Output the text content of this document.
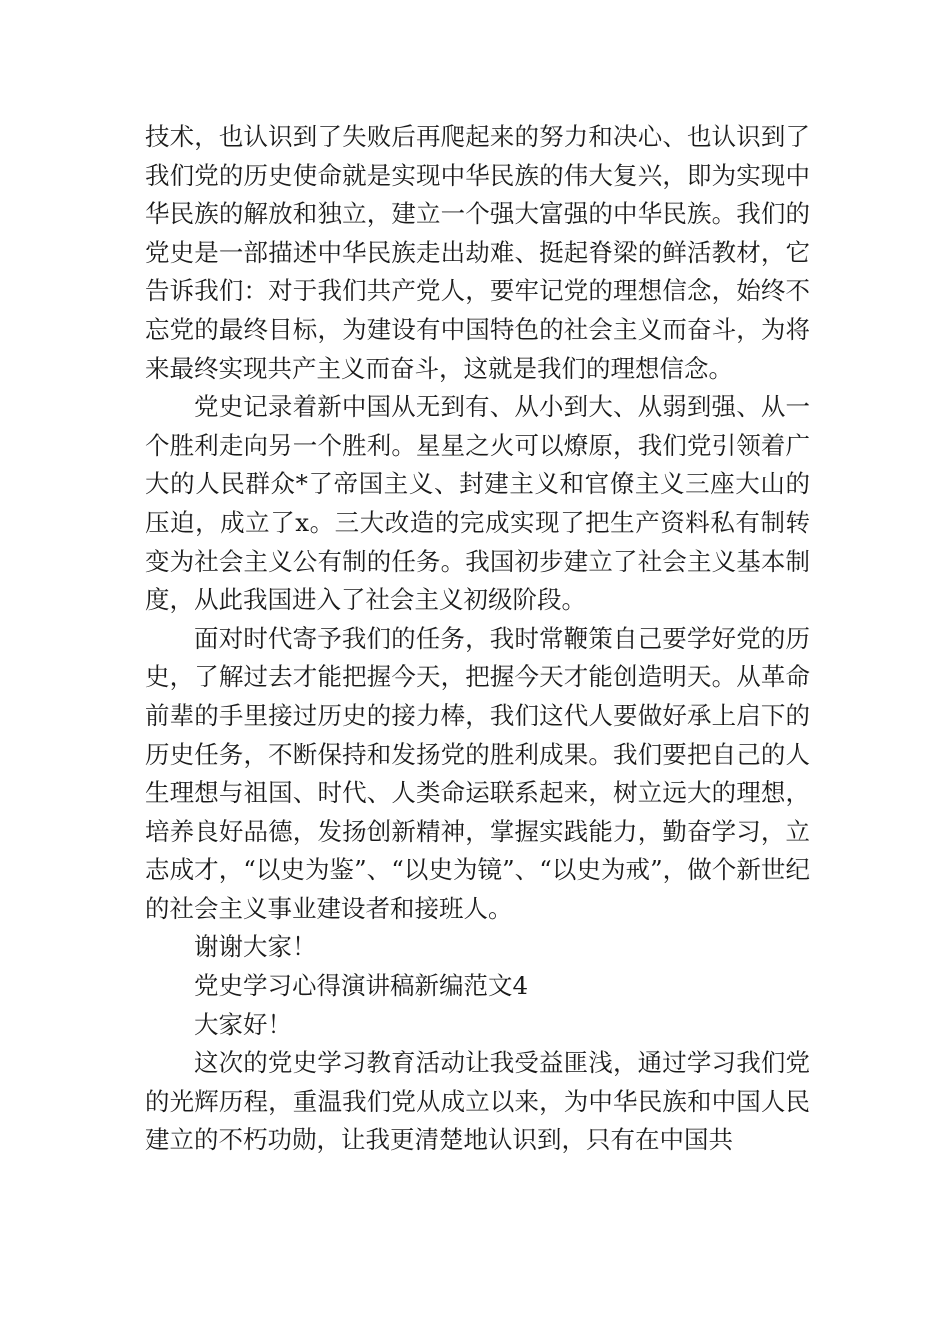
技术，也认识到了失败后再爬起来的努力和决心、也认识到了我们党的历史使命就是实现中华民族的伟大复兴，即为实现中华民族的解放和独立，建立一个强大富强的中华民族。我们的党史是一部描述中华民族走出劫难、挺起脊梁的鲜活教材，它告诉我们：对于我们共产党人，要牢记党的理想信念，始终不忘党的最终目标，为建设有中国特色的社会主义而奋斗，为将来最终实现共产主义而奋斗，这就是我们的理想信念。

党史记录着新中国从无到有、从小到大、从弱到强、从一个胜利走向另一个胜利。星星之火可以燎原，我们党引领着广大的人民群众*了帝国主义、封建主义和官僚主义三座大山的压迫，成立了x。三大改造的完成实现了把生产资料私有制转变为社会主义公有制的任务。我国初步建立了社会主义基本制度，从此我国进入了社会主义初级阶段。

面对时代寄予我们的任务，我时常鞭策自己要学好党的历史，了解过去才能把握今天，把握今天才能创造明天。从革命前辈的手里接过历史的接力棒，我们这代人要做好承上启下的历史任务，不断保持和发扬党的胜利成果。我们要把自己的人生理想与祖国、时代、人类命运联系起来，树立远大的理想，培养良好品德，发扬创新精神，掌握实践能力，勤奋学习，立志成才，“以史为鉴”、“以史为镜”、“以史为戒”，做个新世纪的社会主义事业建设者和接班人。

谢谢大家！

党史学习心得演讲稿新编范文4

大家好！

这次的党史学习教育活动让我受益匪浅，通过学习我们党的光辉历程，重温我们党从成立以来，为中华民族和中国人民建立的不朽功勋，让我更清楚地认识到，只有在中国共
